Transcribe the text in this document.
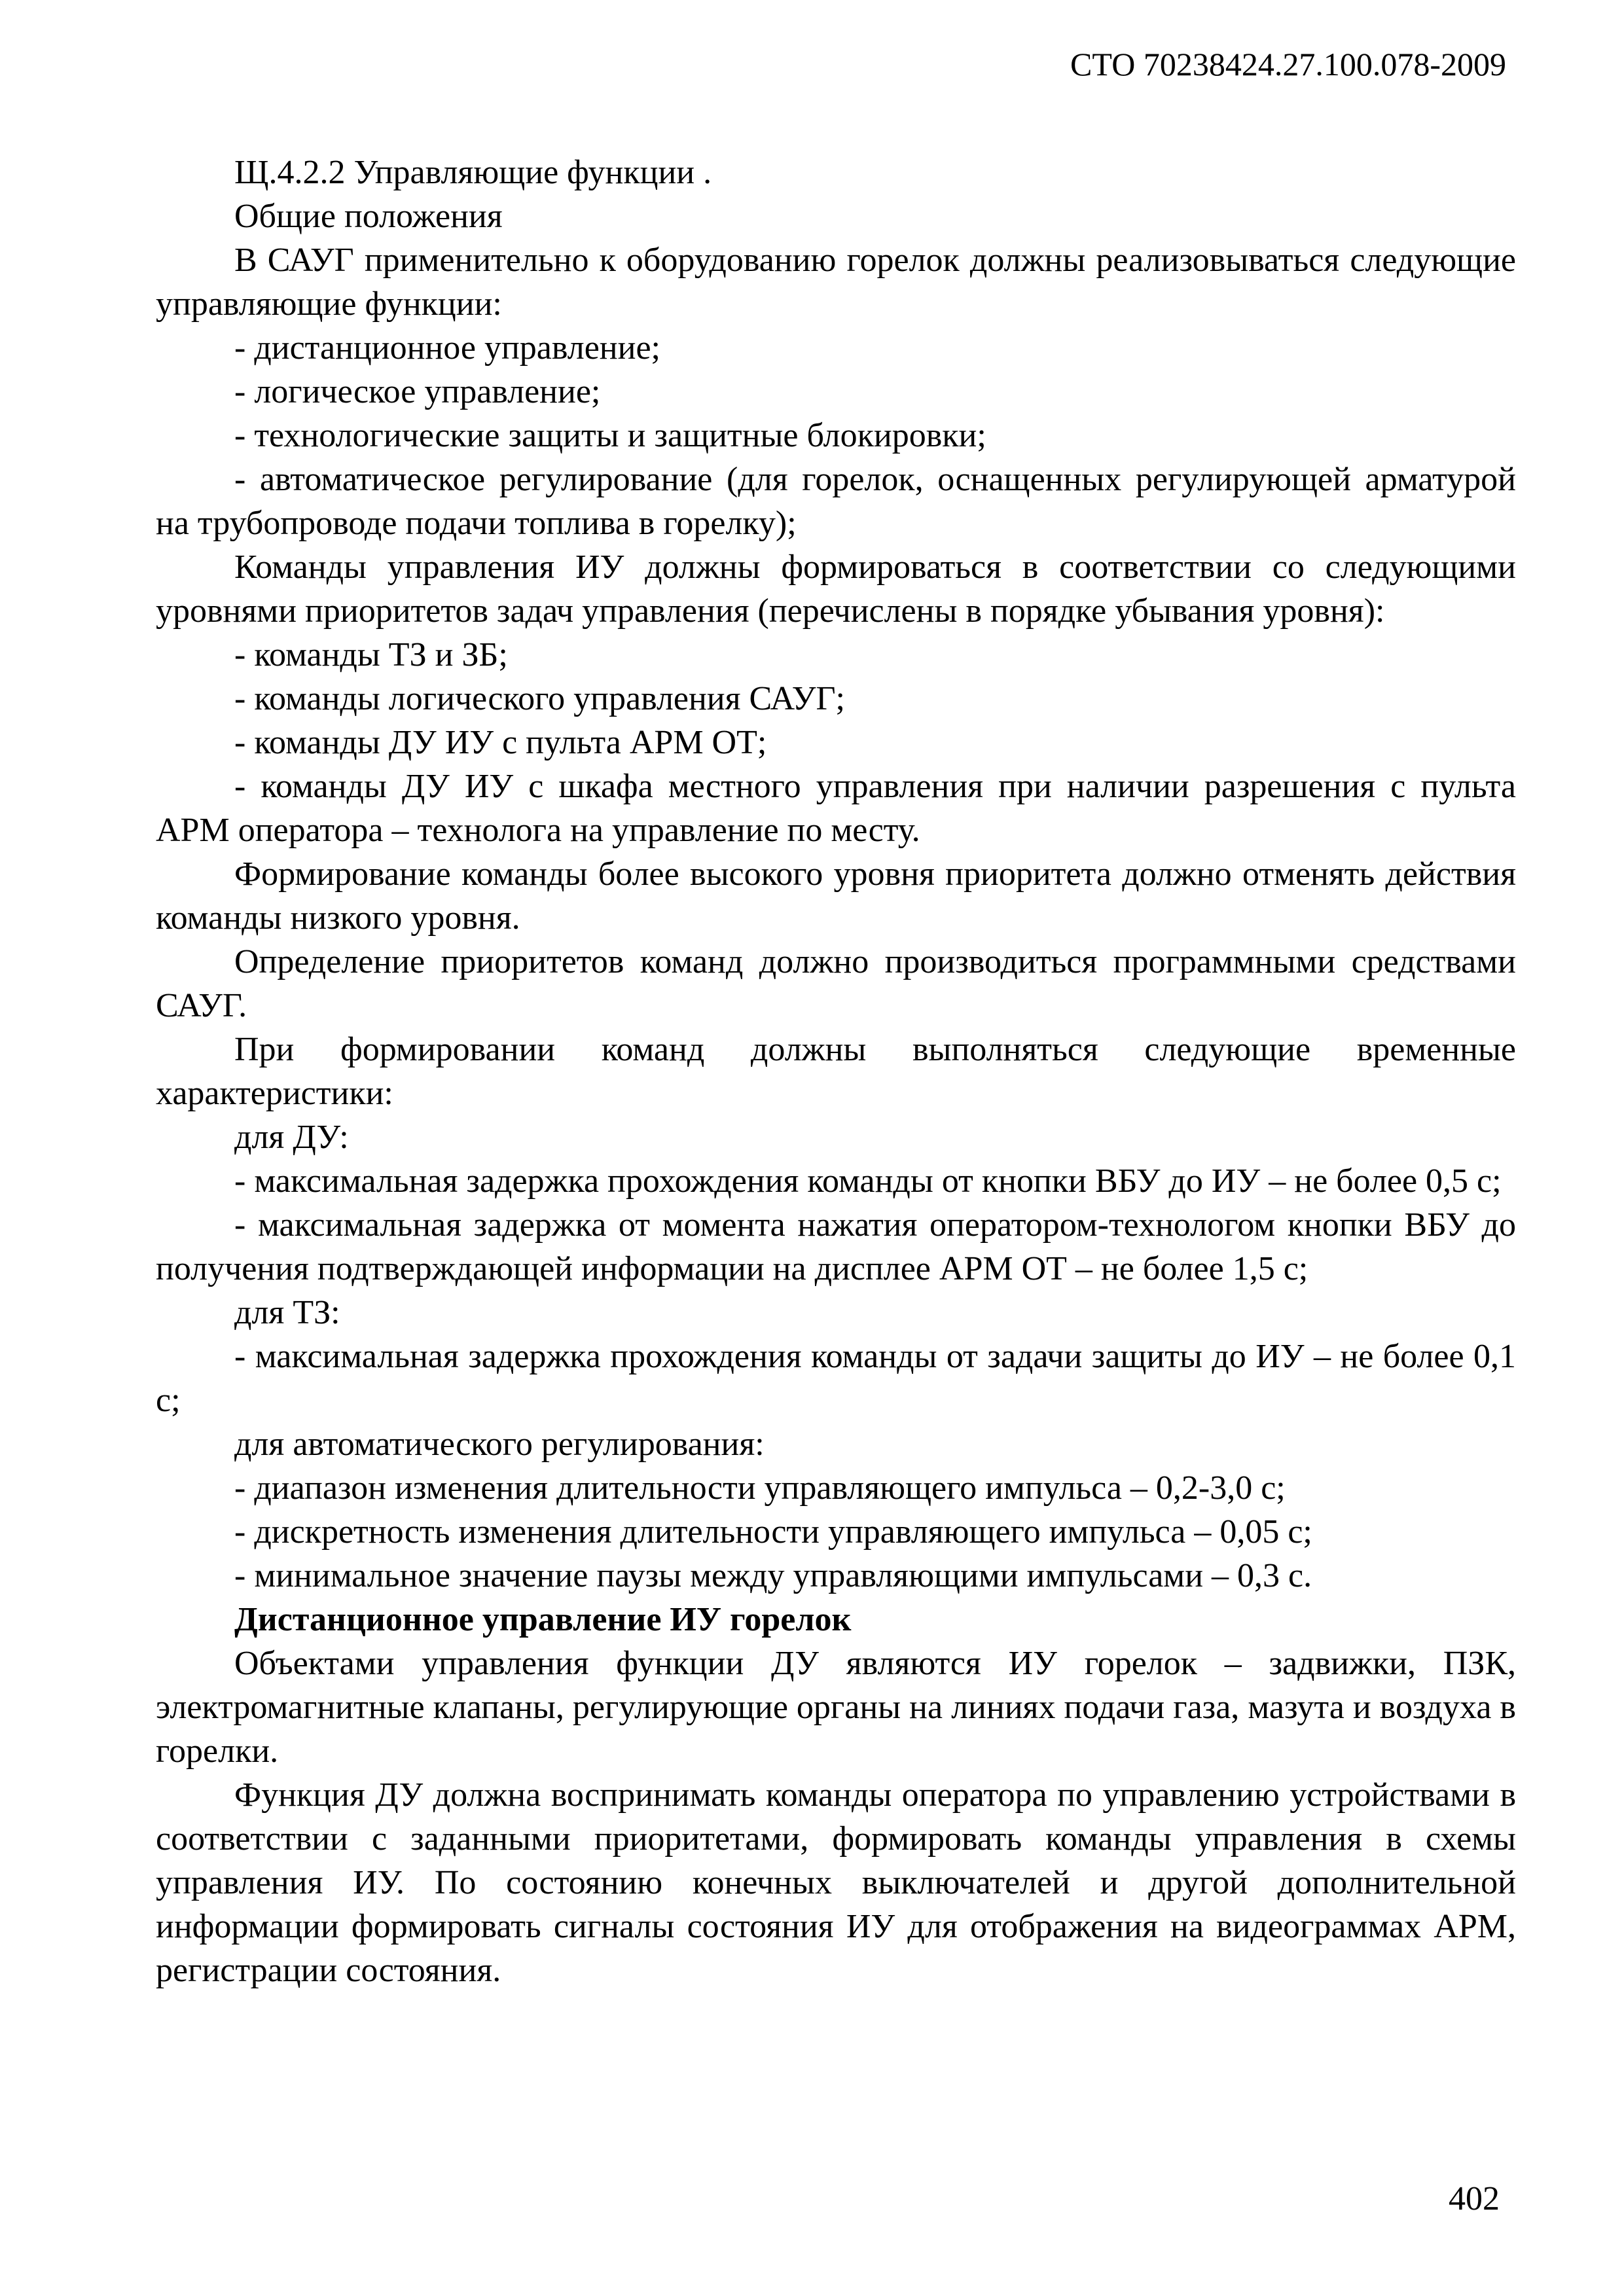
СТО 70238424.27.100.078-2009

Щ.4.2.2 Управляющие функции .

Общие положения

В САУГ применительно к оборудованию горелок должны реализовываться следующие управляющие функции:

- дистанционное управление;

- логическое управление;

- технологические защиты и защитные блокировки;

- автоматическое регулирование (для горелок, оснащенных регулирующей арматурой на трубопроводе подачи топлива в горелку);

Команды управления ИУ должны формироваться в соответствии со следующими уровнями приоритетов задач управления (перечислены в порядке убывания уровня):

- команды ТЗ и ЗБ;

- команды логического управления САУГ;

- команды ДУ ИУ с пульта АРМ ОТ;

- команды ДУ ИУ с шкафа местного управления при наличии разрешения с пульта АРМ оператора – технолога на управление по месту.

Формирование команды более высокого уровня приоритета должно отменять действия команды низкого уровня.

Определение приоритетов команд должно производиться программными средствами САУГ.

При формировании команд должны выполняться следующие временные характеристики:

для ДУ:

- максимальная задержка прохождения команды от кнопки ВБУ до ИУ – не более 0,5 с;

- максимальная задержка от момента нажатия оператором-технологом кнопки ВБУ до получения подтверждающей информации на дисплее АРМ ОТ – не более 1,5 с;

для ТЗ:

- максимальная задержка прохождения команды от задачи защиты до ИУ – не более 0,1 с;

для автоматического регулирования:

- диапазон изменения длительности управляющего импульса – 0,2-3,0 с;

- дискретность изменения длительности управляющего импульса – 0,05 с;

- минимальное значение паузы между управляющими импульсами – 0,3 с.

Дистанционное управление ИУ горелок

Объектами управления функции ДУ являются ИУ горелок – задвижки, ПЗК, электромагнитные клапаны, регулирующие органы на линиях подачи газа, мазута и воздуха в горелки.

Функция ДУ должна воспринимать команды оператора по управлению устройствами в соответствии с заданными приоритетами, формировать команды управления в схемы управления ИУ. По состоянию конечных выключателей и другой дополнительной информации формировать сигналы состояния ИУ для отображения на видеограммах АРМ, регистрации состояния.

402
